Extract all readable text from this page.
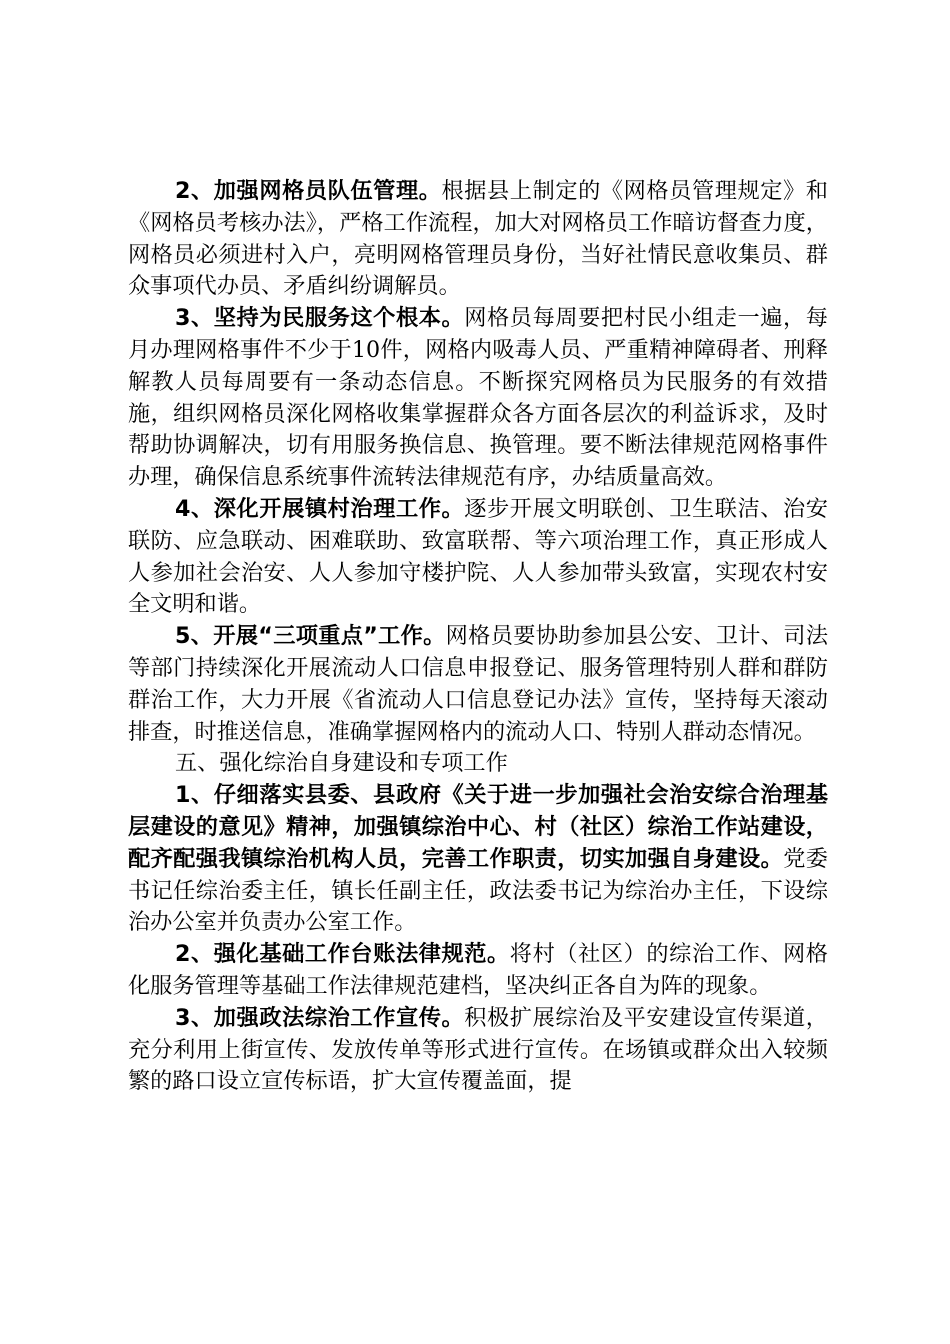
2、加强网格员队伍管理。根据县上制定的《网格员管理规定》和《网格员考核办法》，严格工作流程，加大对网格员工作暗访督查力度，网格员必须进村入户，亮明网格管理员身份，当好社情民意收集员、群众事项代办员、矛盾纠纷调解员。

3、坚持为民服务这个根本。网格员每周要把村民小组走一遍，每月办理网格事件不少于10件，网格内吸毒人员、严重精神障碍者、刑释解教人员每周要有一条动态信息。不断探究网格员为民服务的有效措施，组织网格员深化网格收集掌握群众各方面各层次的利益诉求，及时帮助协调解决，切有用服务换信息、换管理。要不断法律规范网格事件办理，确保信息系统事件流转法律规范有序，办结质量高效。

4、深化开展镇村治理工作。逐步开展文明联创、卫生联洁、治安联防、应急联动、困难联助、致富联帮、等六项治理工作，真正形成人人参加社会治安、人人参加守楼护院、人人参加带头致富，实现农村安全文明和谐。

5、开展“三项重点”工作。网格员要协助参加县公安、卫计、司法等部门持续深化开展流动人口信息申报登记、服务管理特别人群和群防群治工作，大力开展《省流动人口信息登记办法》宣传，坚持每天滚动排查，时推送信息，准确掌握网格内的流动人口、特别人群动态情况。

五、强化综治自身建设和专项工作

1、仔细落实县委、县政府《关于进一步加强社会治安综合治理基层建设的意见》精神，加强镇综治中心、村（社区）综治工作站建设，配齐配强我镇综治机构人员，完善工作职责，切实加强自身建设。党委书记任综治委主任，镇长任副主任，政法委书记为综治办主任，下设综治办公室并负责办公室工作。

2、强化基础工作台账法律规范。将村（社区）的综治工作、网格化服务管理等基础工作法律规范建档，坚决纠正各自为阵的现象。

3、加强政法综治工作宣传。积极扩展综治及平安建设宣传渠道，充分利用上街宣传、发放传单等形式进行宣传。在场镇或群众出入较频繁的路口设立宣传标语，扩大宣传覆盖面，提
